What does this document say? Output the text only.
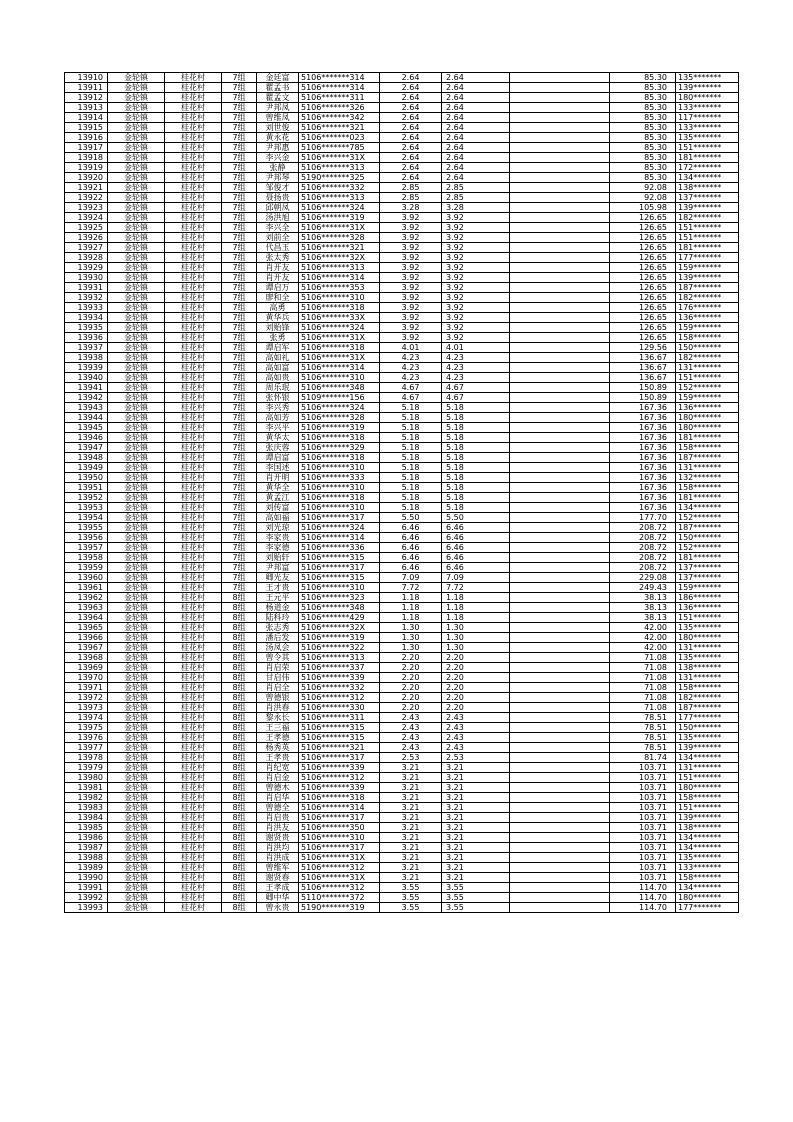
13910	金轮镇	桂花村	7组	金廷富	5106*******314	2.64	2.64		85.30	135*******
13911	金轮镇	桂花村	7组	瞿孟书	5106*******314	2.64	2.64		85.30	139*******
13912	金轮镇	桂花村	7组	瞿孟文	5106*******311	2.64	2.64		85.30	180*******
13913	金轮镇	桂花村	7组	尹邦凤	5106*******326	2.64	2.64		85.30	133*******
13914	金轮镇	桂花村	7组	曾维凤	5106*******342	2.64	2.64		85.30	117*******
13915	金轮镇	桂花村	7组	刘世俊	5106*******321	2.64	2.64		85.30	133*******
13916	金轮镇	桂花村	7组	黄永花	5106*******023	2.64	2.64		85.30	135*******
13917	金轮镇	桂花村	7组	尹邦惠	5106*******785	2.64	2.64		85.30	151*******
13918	金轮镇	桂花村	7组	李兴金	5106*******31X	2.64	2.64		85.30	181*******
13919	金轮镇	桂花村	7组	张静	5106*******313	2.64	2.64		85.30	172*******
13920	金轮镇	桂花村	7组	尹邦琴	5190*******325	2.64	2.64		85.30	134*******
13921	金轮镇	桂花村	7组	邹俊才	5106*******332	2.85	2.85		92.08	138*******
13922	金轮镇	桂花村	7组	聂扬贵	5106*******313	2.85	2.85		92.08	137*******
13923	金轮镇	桂花村	7组	邱朝凤	5106*******324	3.28	3.28		105.98	139*******
13924	金轮镇	桂花村	7组	汤洪旭	5106*******319	3.92	3.92		126.65	182*******
13925	金轮镇	桂花村	7组	李兴全	5106*******31X	3.92	3.92		126.65	151*******
13926	金轮镇	桂花村	7组	刘前全	5106*******328	3.92	3.92		126.65	151*******
13927	金轮镇	桂花村	7组	代昌玉	5106*******321	3.92	3.92		126.65	181*******
13928	金轮镇	桂花村	7组	张太秀	5106*******32X	3.92	3.92		126.65	177*******
13929	金轮镇	桂花村	7组	肖开友	5106*******313	3.92	3.92		126.65	159*******
13930	金轮镇	桂花村	7组	肖开友	5106*******314	3.92	3.92		126.65	139*******
13931	金轮镇	桂花村	7组	谭启万	5106*******353	3.92	3.92		126.65	187*******
13932	金轮镇	桂花村	7组	廖和全	5106*******310	3.92	3.92		126.65	182*******
13933	金轮镇	桂花村	7组	高勇	5106*******318	3.92	3.92		126.65	176*******
13934	金轮镇	桂花村	7组	黄华兵	5106*******33X	3.92	3.92		126.65	136*******
13935	金轮镇	桂花村	7组	刘贻锋	5106*******324	3.92	3.92		126.65	159*******
13936	金轮镇	桂花村	7组	张勇	5106*******31X	3.92	3.92		126.65	158*******
13937	金轮镇	桂花村	7组	谭启军	5106*******318	4.01	4.01		129.56	150*******
13938	金轮镇	桂花村	7组	高如礼	5106*******31X	4.23	4.23		136.67	182*******
13939	金轮镇	桂花村	7组	高如富	5106*******314	4.23	4.23		136.67	131*******
13940	金轮镇	桂花村	7组	高如贵	5106*******310	4.23	4.23		136.67	151*******
13941	金轮镇	桂花村	7组	周乐珉	5106*******348	4.67	4.67		150.89	152*******
13942	金轮镇	桂花村	7组	张怀银	5109*******156	4.67	4.67		150.89	159*******
13943	金轮镇	桂花村	7组	李兴秀	5106*******324	5.18	5.18		167.36	136*******
13944	金轮镇	桂花村	7组	高如芳	5106*******328	5.18	5.18		167.36	180*******
13945	金轮镇	桂花村	7组	李兴平	5106*******319	5.18	5.18		167.36	180*******
13946	金轮镇	桂花村	7组	黄华太	5106*******318	5.18	5.18		167.36	181*******
13947	金轮镇	桂花村	7组	张庆蓉	5106*******329	5.18	5.18		167.36	158*******
13948	金轮镇	桂花村	7组	谭启富	5106*******318	5.18	5.18		167.36	187*******
13949	金轮镇	桂花村	7组	李国述	5106*******310	5.18	5.18		167.36	131*******
13950	金轮镇	桂花村	7组	肖开明	5106*******333	5.18	5.18		167.36	132*******
13951	金轮镇	桂花村	7组	黄华全	5106*******310	5.18	5.18		167.36	158*******
13952	金轮镇	桂花村	7组	黄孟江	5106*******318	5.18	5.18		167.36	181*******
13953	金轮镇	桂花村	7组	刘传富	5106*******310	5.18	5.18		167.36	134*******
13954	金轮镇	桂花村	7组	高如福	5106*******317	5.50	5.50		177.70	152*******
13955	金轮镇	桂花村	7组	刘光琼	5106*******324	6.46	6.46		208.72	187*******
13956	金轮镇	桂花村	7组	李家贵	5106*******314	6.46	6.46		208.72	150*******
13957	金轮镇	桂花村	7组	李家德	5106*******336	6.46	6.46		208.72	152*******
13958	金轮镇	桂花村	7组	刘贻轩	5106*******315	6.46	6.46		208.72	181*******
13959	金轮镇	桂花村	7组	尹邦富	5106*******317	6.46	6.46		208.72	137*******
13960	金轮镇	桂花村	7组	卿光友	5106*******315	7.09	7.09		229.08	137*******
13961	金轮镇	桂花村	7组	王才贵	5106*******310	7.72	7.72		249.43	159*******
13962	金轮镇	桂花村	8组	王元平	5106*******323	1.18	1.18		38.13	186*******
13963	金轮镇	桂花村	8组	杨道金	5106*******348	1.18	1.18		38.13	136*******
13964	金轮镇	桂花村	8组	陆科玲	5106*******429	1.18	1.18		38.13	151*******
13965	金轮镇	桂花村	8组	张志秀	5106*******32X	1.30	1.30		42.00	135*******
13966	金轮镇	桂花村	8组	潘后发	5106*******319	1.30	1.30		42.00	180*******
13967	金轮镇	桂花村	8组	汤凤会	5106*******322	1.30	1.30		42.00	131*******
13968	金轮镇	桂花村	8组	曾令其	5106*******313	2.20	2.20		71.08	135*******
13969	金轮镇	桂花村	8组	肖启荣	5106*******337	2.20	2.20		71.08	138*******
13970	金轮镇	桂花村	8组	甘启伟	5106*******339	2.20	2.20		71.08	131*******
13971	金轮镇	桂花村	8组	肖启全	5106*******332	2.20	2.20		71.08	158*******
13972	金轮镇	桂花村	8组	曾德银	5106*******312	2.20	2.20		71.08	182*******
13973	金轮镇	桂花村	8组	肖洪春	5106*******330	2.20	2.20		71.08	187*******
13974	金轮镇	桂花村	8组	黎永长	5106*******311	2.43	2.43		78.51	177*******
13975	金轮镇	桂花村	8组	王三福	5106*******315	2.43	2.43		78.51	150*******
13976	金轮镇	桂花村	8组	王孝德	5106*******315	2.43	2.43		78.51	135*******
13977	金轮镇	桂花村	8组	杨秀英	5106*******321	2.43	2.43		78.51	139*******
13978	金轮镇	桂花村	8组	王孝贵	5106*******317	2.53	2.53		81.74	134*******
13979	金轮镇	桂花村	8组	肖纪宽	5106*******339	3.21	3.21		103.71	131*******
13980	金轮镇	桂花村	8组	肖启金	5106*******312	3.21	3.21		103.71	151*******
13981	金轮镇	桂花村	8组	曾德木	5106*******339	3.21	3.21		103.71	180*******
13982	金轮镇	桂花村	8组	肖启华	5106*******318	3.21	3.21		103.71	158*******
13983	金轮镇	桂花村	8组	曾德全	5106*******314	3.21	3.21		103.71	151*******
13984	金轮镇	桂花村	8组	肖启贵	5106*******317	3.21	3.21		103.71	139*******
13985	金轮镇	桂花村	8组	肖洪友	5106*******350	3.21	3.21		103.71	138*******
13986	金轮镇	桂花村	8组	谢贤贵	5106*******310	3.21	3.21		103.71	134*******
13987	金轮镇	桂花村	8组	肖洪均	5106*******317	3.21	3.21		103.71	134*******
13988	金轮镇	桂花村	8组	肖洪成	5106*******31X	3.21	3.21		103.71	135*******
13989	金轮镇	桂花村	8组	曾维军	5106*******312	3.21	3.21		103.71	133*******
13990	金轮镇	桂花村	8组	谢贤春	5106*******31X	3.21	3.21		103.71	158*******
13991	金轮镇	桂花村	8组	王孝成	5106*******312	3.55	3.55		114.70	134*******
13992	金轮镇	桂花村	8组	卿中华	5110*******372	3.55	3.55		114.70	180*******
13993	金轮镇	桂花村	8组	曾永贵	5190*******319	3.55	3.55		114.70	177*******
